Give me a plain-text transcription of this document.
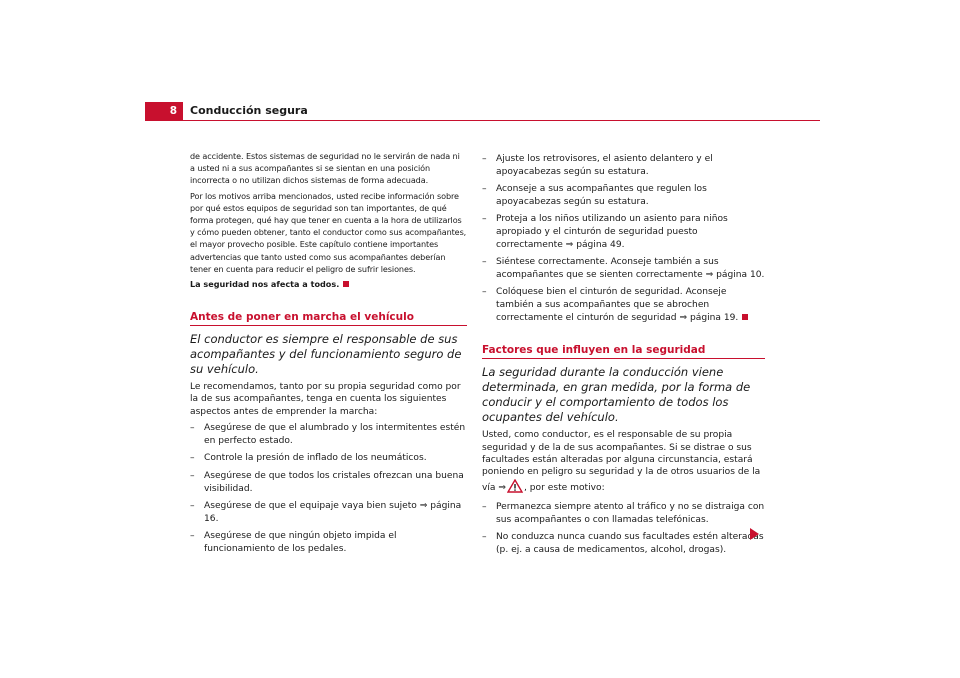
8	Conducción segura

de accidente. Estos sistemas de seguridad no le servirán de nada ni a usted ni a sus acompañantes si se sientan en una posición incorrecta o no utilizan dichos sistemas de forma adecuada.

Por los motivos arriba mencionados, usted recibe información sobre por qué estos equipos de seguridad son tan importantes, de qué forma protegen, qué hay que tener en cuenta a la hora de utilizarlos y cómo pueden obtener, tanto el conductor como sus acompañantes, el mayor provecho posible. Este capítulo contiene importantes advertencias que tanto usted como sus acompañantes deberían tener en cuenta para reducir el peligro de sufrir lesiones.

La seguridad nos afecta a todos.

Antes de poner en marcha el vehículo

El conductor es siempre el responsable de sus acompañantes y del funcionamiento seguro de su vehículo.

Le recomendamos, tanto por su propia seguridad como por la de sus acompañantes, tenga en cuenta los siguientes aspectos antes de emprender la marcha:

– Asegúrese de que el alumbrado y los intermitentes estén en perfecto estado.
– Controle la presión de inflado de los neumáticos.
– Asegúrese de que todos los cristales ofrezcan una buena visibilidad.
– Asegúrese de que el equipaje vaya bien sujeto ⇒ página 16.
– Asegúrese de que ningún objeto impida el funcionamiento de los pedales.
– Ajuste los retrovisores, el asiento delantero y el apoyacabezas según su estatura.
– Aconseje a sus acompañantes que regulen los apoyacabezas según su estatura.
– Proteja a los niños utilizando un asiento para niños apropiado y el cinturón de seguridad puesto correctamente ⇒ página 49.
– Siéntese correctamente. Aconseje también a sus acompañantes que se sienten correctamente ⇒ página 10.
– Colóquese bien el cinturón de seguridad. Aconseje también a sus acompañantes que se abrochen correctamente el cinturón de seguridad ⇒ página 19.
Factores que influyen en la seguridad

La seguridad durante la conducción viene determinada, en gran medida, por la forma de conducir y el comportamiento de todos los ocupantes del vehículo.

Usted, como conductor, es el responsable de su propia seguridad y de la de sus acompañantes. Si se distrae o sus facultades están alteradas por alguna circunstancia, estará poniendo en peligro su seguridad y la de otros usuarios de la vía ⇒ , por este motivo:

– Permanezca siempre atento al tráfico y no se distraiga con sus acompañantes o con llamadas telefónicas.
– No conduzca nunca cuando sus facultades estén alteradas (p. ej. a causa de medicamentos, alcohol, drogas).
